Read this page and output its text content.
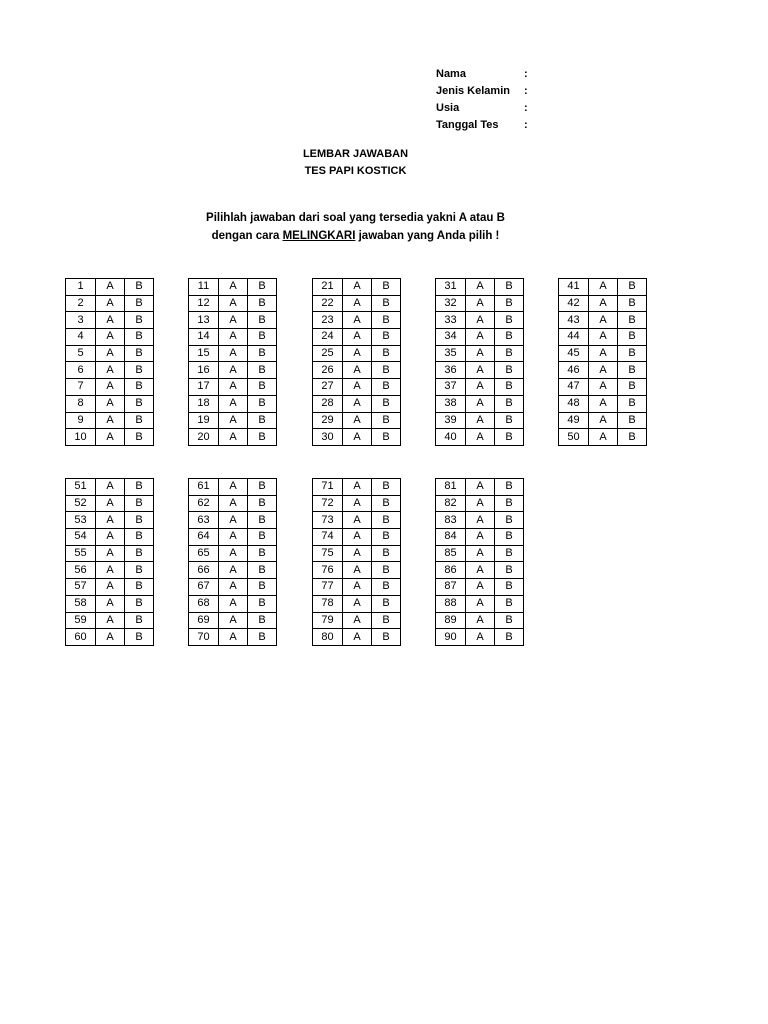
Nama	:
Jenis Kelamin	:
Usia	:
Tanggal Tes	:
LEMBAR JAWABAN
TES PAPI KOSTICK
Pilihlah jawaban dari soal yang tersedia yakni A atau B
dengan cara MELINGKARI jawaban yang Anda pilih !
1	A	B
2	A	B
3	A	B
4	A	B
5	A	B
6	A	B
7	A	B
8	A	B
9	A	B
10	A	B
11	A	B
12	A	B
13	A	B
14	A	B
15	A	B
16	A	B
17	A	B
18	A	B
19	A	B
20	A	B
21	A	B
22	A	B
23	A	B
24	A	B
25	A	B
26	A	B
27	A	B
28	A	B
29	A	B
30	A	B
31	A	B
32	A	B
33	A	B
34	A	B
35	A	B
36	A	B
37	A	B
38	A	B
39	A	B
40	A	B
41	A	B
42	A	B
43	A	B
44	A	B
45	A	B
46	A	B
47	A	B
48	A	B
49	A	B
50	A	B
51	A	B
52	A	B
53	A	B
54	A	B
55	A	B
56	A	B
57	A	B
58	A	B
59	A	B
60	A	B
61	A	B
62	A	B
63	A	B
64	A	B
65	A	B
66	A	B
67	A	B
68	A	B
69	A	B
70	A	B
71	A	B
72	A	B
73	A	B
74	A	B
75	A	B
76	A	B
77	A	B
78	A	B
79	A	B
80	A	B
81	A	B
82	A	B
83	A	B
84	A	B
85	A	B
86	A	B
87	A	B
88	A	B
89	A	B
90	A	B
